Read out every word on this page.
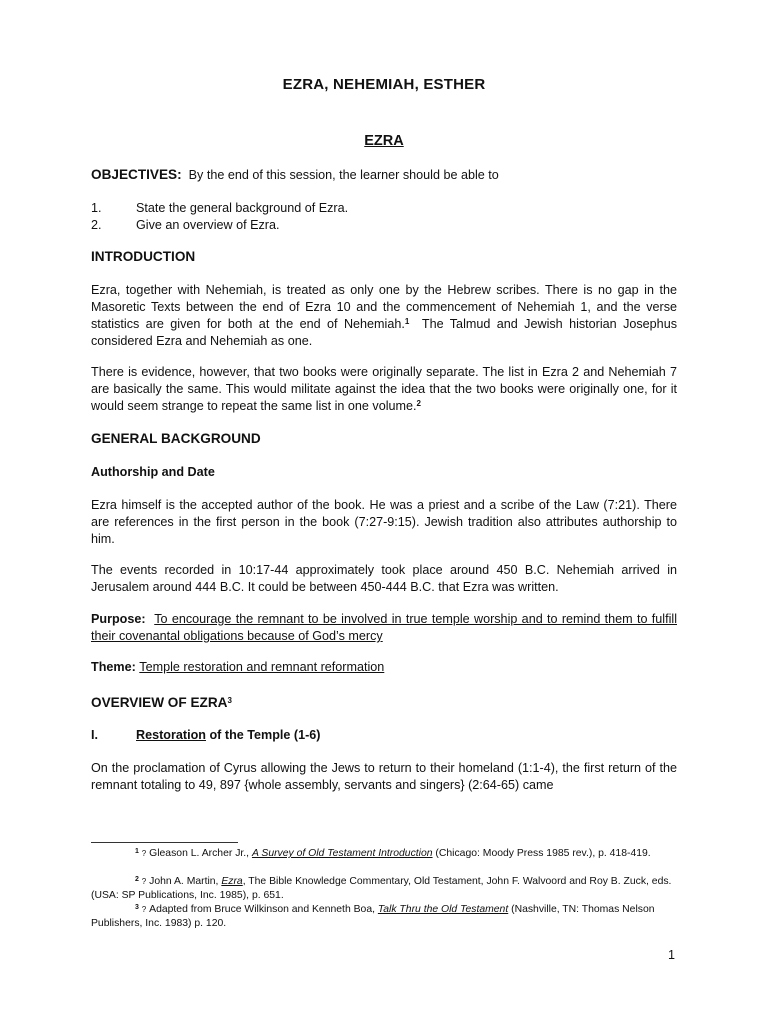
EZRA, NEHEMIAH, ESTHER
EZRA
OBJECTIVES: By the end of this session, the learner should be able to
1.	State the general background of Ezra.
2.	Give an overview of Ezra.
INTRODUCTION
Ezra, together with Nehemiah, is treated as only one by the Hebrew scribes. There is no gap in the Masoretic Texts between the end of Ezra 10 and the commencement of Nehemiah 1, and the verse statistics are given for both at the end of Nehemiah.$^1$  The Talmud and Jewish historian Josephus considered Ezra and Nehemiah as one.
There is evidence, however, that two books were originally separate. The list in Ezra 2 and Nehemiah 7 are basically the same. This would militate against the idea that the two books were originally one, for it would seem strange to repeat the same list in one volume.$^2$
GENERAL BACKGROUND
Authorship and Date
Ezra himself is the accepted author of the book. He was a priest and a scribe of the Law (7:21). There are references in the first person in the book (7:27-9:15). Jewish tradition also attributes authorship to him.
The events recorded in 10:17-44 approximately took place around 450 B.C. Nehemiah arrived in Jerusalem around 444 B.C. It could be between 450-444 B.C. that Ezra was written.
Purpose: To encourage the remnant to be involved in true temple worship and to remind them to fulfill their covenantal obligations because of God’s mercy
Theme: Temple restoration and remnant reformation
OVERVIEW OF EZRA$^3$
I.	Restoration of the Temple (1-6)
On the proclamation of Cyrus allowing the Jews to return to their homeland (1:1-4), the first return of the remnant totaling to 49, 897 {whole assembly, servants and singers} (2:64-65) came
$^1$ ? Gleason L. Archer Jr., A Survey of Old Testament Introduction (Chicago: Moody Press 1985 rev.), p. 418-419.
$^2$ ? John A. Martin, Ezra, The Bible Knowledge Commentary, Old Testament, John F. Walvoord and Roy B. Zuck, eds. (USA: SP Publications, Inc. 1985), p. 651.
$^3$ ? Adapted from Bruce Wilkinson and Kenneth Boa, Talk Thru the Old Testament (Nashville, TN: Thomas Nelson Publishers, Inc. 1983) p. 120.
1
